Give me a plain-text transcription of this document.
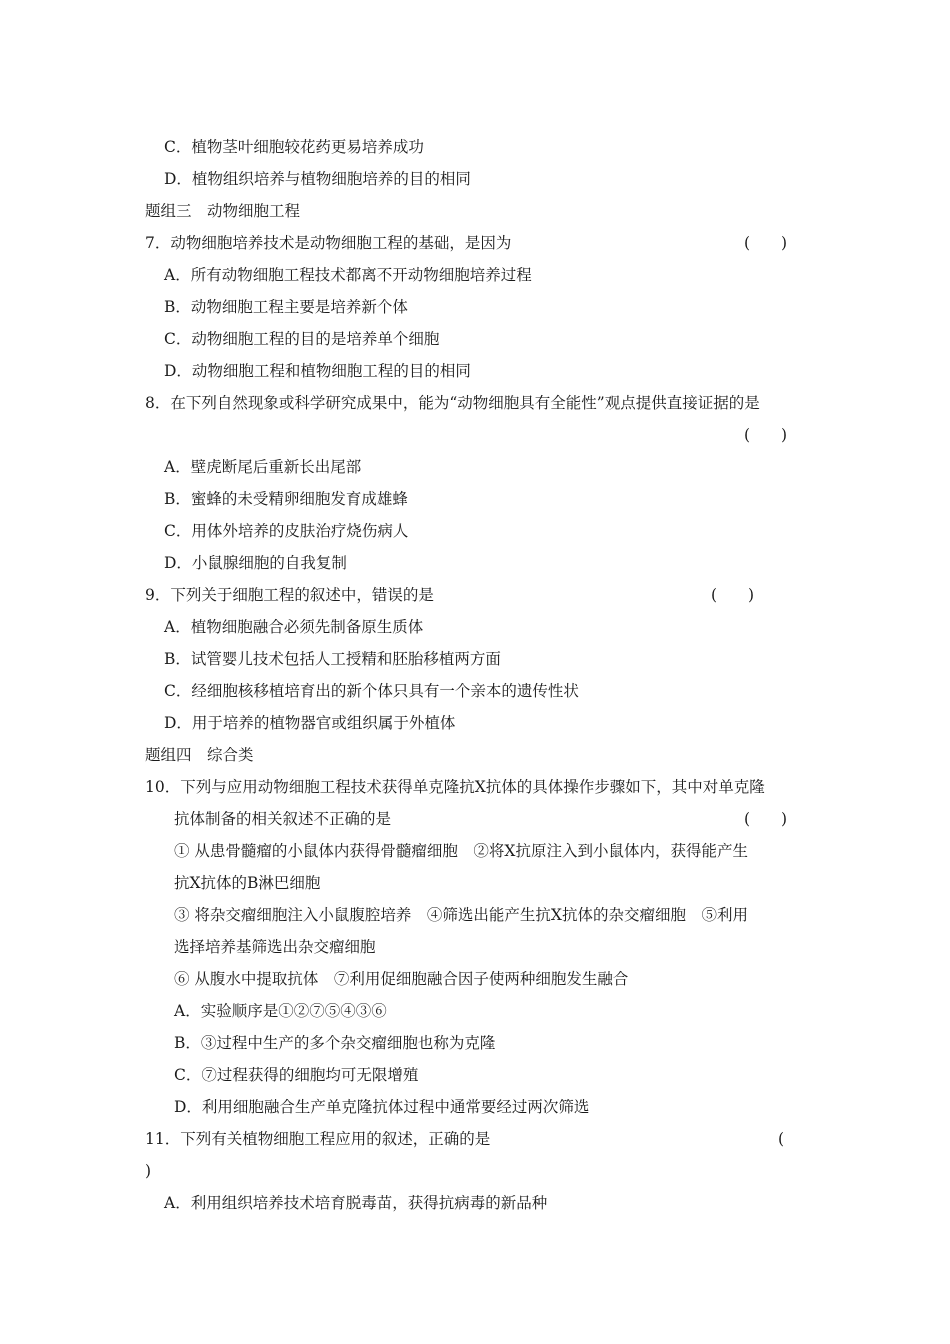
C．植物茎叶细胞较花药更易培养成功
D．植物组织培养与植物细胞培养的目的相同
题组三　动物细胞工程
7．动物细胞培养技术是动物细胞工程的基础，是因为	(　　)
A．所有动物细胞工程技术都离不开动物细胞培养过程
B．动物细胞工程主要是培养新个体
C．动物细胞工程的目的是培养单个细胞
D．动物细胞工程和植物细胞工程的目的相同
8．在下列自然现象或科学研究成果中，能为“动物细胞具有全能性”观点提供直接证据的是
(　　)
A．壁虎断尾后重新长出尾部
B．蜜蜂的未受精卵细胞发育成雄蜂
C．用体外培养的皮肤治疗烧伤病人
D．小鼠腺细胞的自我复制
9．下列关于细胞工程的叙述中，错误的是	(　　)
A．植物细胞融合必须先制备原生质体
B．试管婴儿技术包括人工授精和胚胎移植两方面
C．经细胞核移植培育出的新个体只具有一个亲本的遗传性状
D．用于培养的植物器官或组织属于外植体
题组四　综合类
10．下列与应用动物细胞工程技术获得单克隆抗X抗体的具体操作步骤如下，其中对单克隆
抗体制备的相关叙述不正确的是	(　　)
① 从患骨髓瘤的小鼠体内获得骨髓瘤细胞　②将X抗原注入到小鼠体内，获得能产生
抗X抗体的B淋巴细胞
③ 将杂交瘤细胞注入小鼠腹腔培养　④筛选出能产生抗X抗体的杂交瘤细胞　⑤利用
选择培养基筛选出杂交瘤细胞
⑥ 从腹水中提取抗体　⑦利用促细胞融合因子使两种细胞发生融合
A．实验顺序是①②⑦⑤④③⑥
B．③过程中生产的多个杂交瘤细胞也称为克隆
C．⑦过程获得的细胞均可无限增殖
D．利用细胞融合生产单克隆抗体过程中通常要经过两次筛选
11．下列有关植物细胞工程应用的叙述，正确的是	(
)
A．利用组织培养技术培育脱毒苗，获得抗病毒的新品种
